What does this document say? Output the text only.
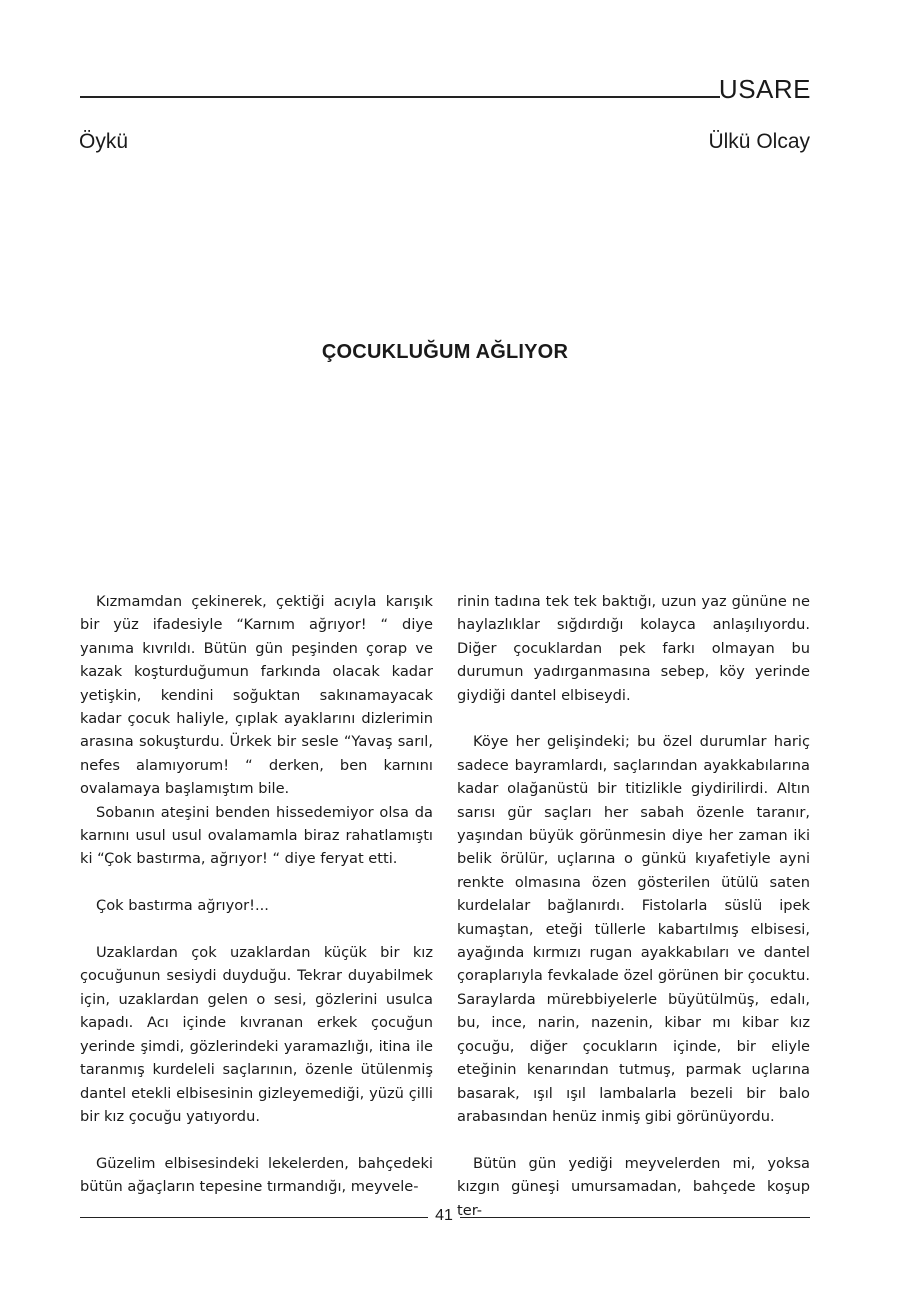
USARE
Öykü	Ülkü Olcay
ÇOCUKLUĞUM AĞLIYOR

Kızmamdan çekinerek, çektiği acıyla karışık bir yüz ifadesiyle “Karnım ağrıyor! “ diye yanıma kıvrıldı. Bütün gün peşinden çorap ve kazak koşturduğumun farkında olacak kadar yetişkin, kendini soğuktan sakınamayacak kadar çocuk haliyle, çıplak ayaklarını dizlerimin arasına sokuşturdu. Ürkek bir sesle “Yavaş sarıl, nefes alamıyorum! “ derken, ben karnını ovalamaya başlamıştım bile.

Sobanın ateşini benden hissedemiyor olsa da karnını usul usul ovalamamla biraz rahatlamıştı ki “Çok bastırma, ağrıyor! “ diye feryat etti.

Çok bastırma ağrıyor!...

Uzaklardan çok uzaklardan küçük bir kız çocuğunun sesiydi duyduğu. Tekrar duyabilmek için, uzaklardan gelen o sesi, gözlerini usulca kapadı. Acı içinde kıvranan erkek çocuğun yerinde şimdi, gözlerindeki yaramazlığı, itina ile taranmış kurdeleli saçlarının, özenle ütülenmiş dantel etekli elbisesinin gizleyemediği, yüzü çilli bir kız çocuğu yatıyordu.

Güzelim elbisesindeki lekelerden, bahçedeki bütün ağaçların tepesine tırmandığı, meyvele-

rinin tadına tek tek baktığı, uzun yaz gününe ne haylazlıklar sığdırdığı kolayca anlaşılıyordu. Diğer çocuklardan pek farkı olmayan bu durumun yadırganmasına sebep, köy yerinde giydiği dantel elbiseydi.

Köye her gelişindeki; bu özel durumlar hariç sadece bayramlardı, saçlarından ayakkabılarına kadar olağanüstü bir titizlikle giydirilirdi. Altın sarısı gür saçları her sabah özenle taranır, yaşından büyük görünmesin diye her zaman iki belik örülür, uçlarına o günkü kıyafetiyle ayni renkte olmasına özen gösterilen ütülü saten kurdelalar bağlanırdı. Fistolarla süslü ipek kumaştan, eteği tüllerle kabartılmış elbisesi, ayağında kırmızı rugan ayakkabıları ve dantel çoraplarıyla fevkalade özel görünen bir çocuktu. Saraylarda mürebbiyelerle büyütülmüş, edalı, bu, ince, narin, nazenin, kibar mı kibar kız çocuğu, diğer çocukların içinde, bir eliyle eteğinin kenarından tutmuş, parmak uçlarına basarak, ışıl ışıl lambalarla bezeli bir balo arabasından henüz inmiş gibi görünüyordu.

Bütün gün yediği meyvelerden mi, yoksa kızgın güneşi umursamadan, bahçede koşup ter-

41
